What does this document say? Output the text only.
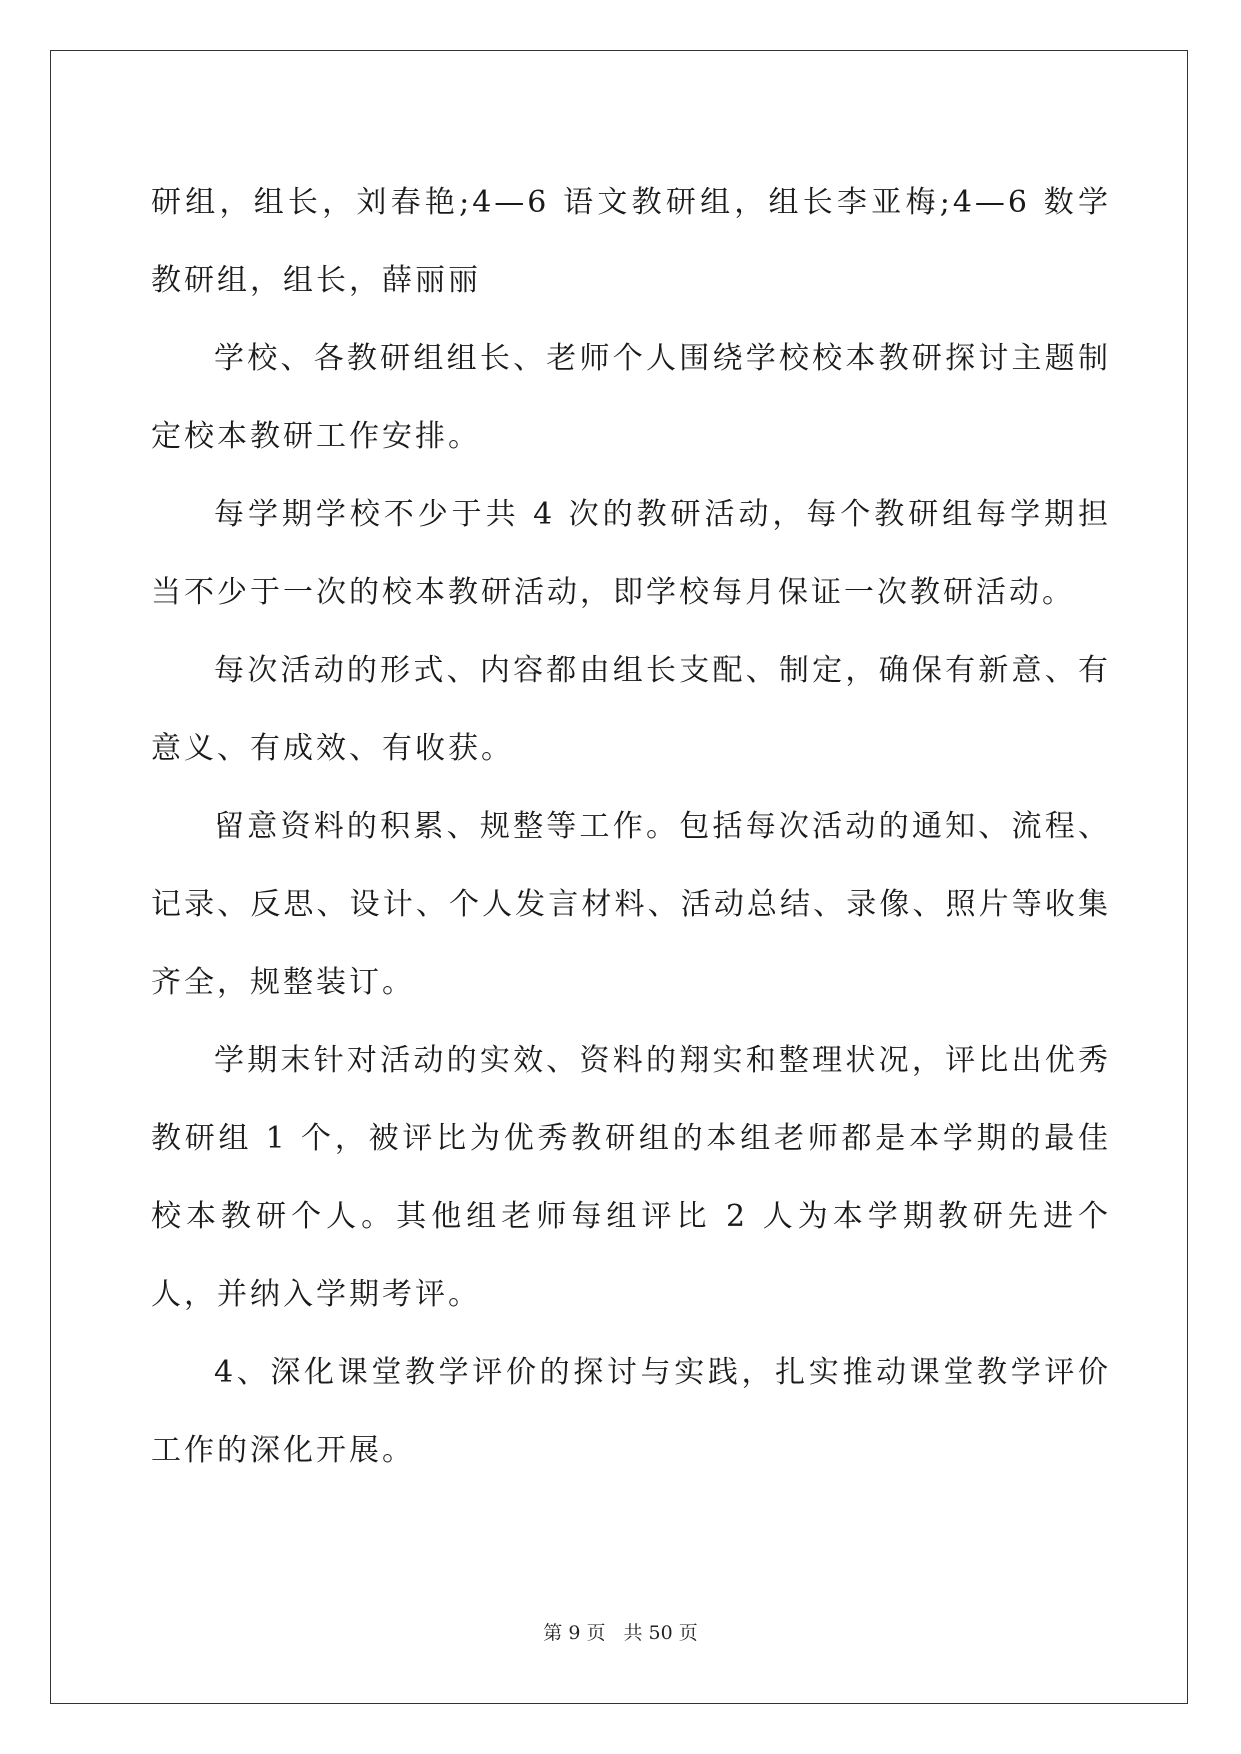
研组，组长，刘春艳;4—6 语文教研组，组长李亚梅;4—6 数学教研组，组长，薛丽丽

学校、各教研组组长、老师个人围绕学校校本教研探讨主题制定校本教研工作安排。

每学期学校不少于共 4 次的教研活动，每个教研组每学期担当不少于一次的校本教研活动，即学校每月保证一次教研活动。

每次活动的形式、内容都由组长支配、制定，确保有新意、有意义、有成效、有收获。

留意资料的积累、规整等工作。包括每次活动的通知、流程、记录、反思、设计、个人发言材料、活动总结、录像、照片等收集齐全，规整装订。

学期末针对活动的实效、资料的翔实和整理状况，评比出优秀教研组 1 个，被评比为优秀教研组的本组老师都是本学期的最佳校本教研个人。其他组老师每组评比 2 人为本学期教研先进个人，并纳入学期考评。

4、深化课堂教学评价的探讨与实践，扎实推动课堂教学评价工作的深化开展。

第 9 页 共 50 页
